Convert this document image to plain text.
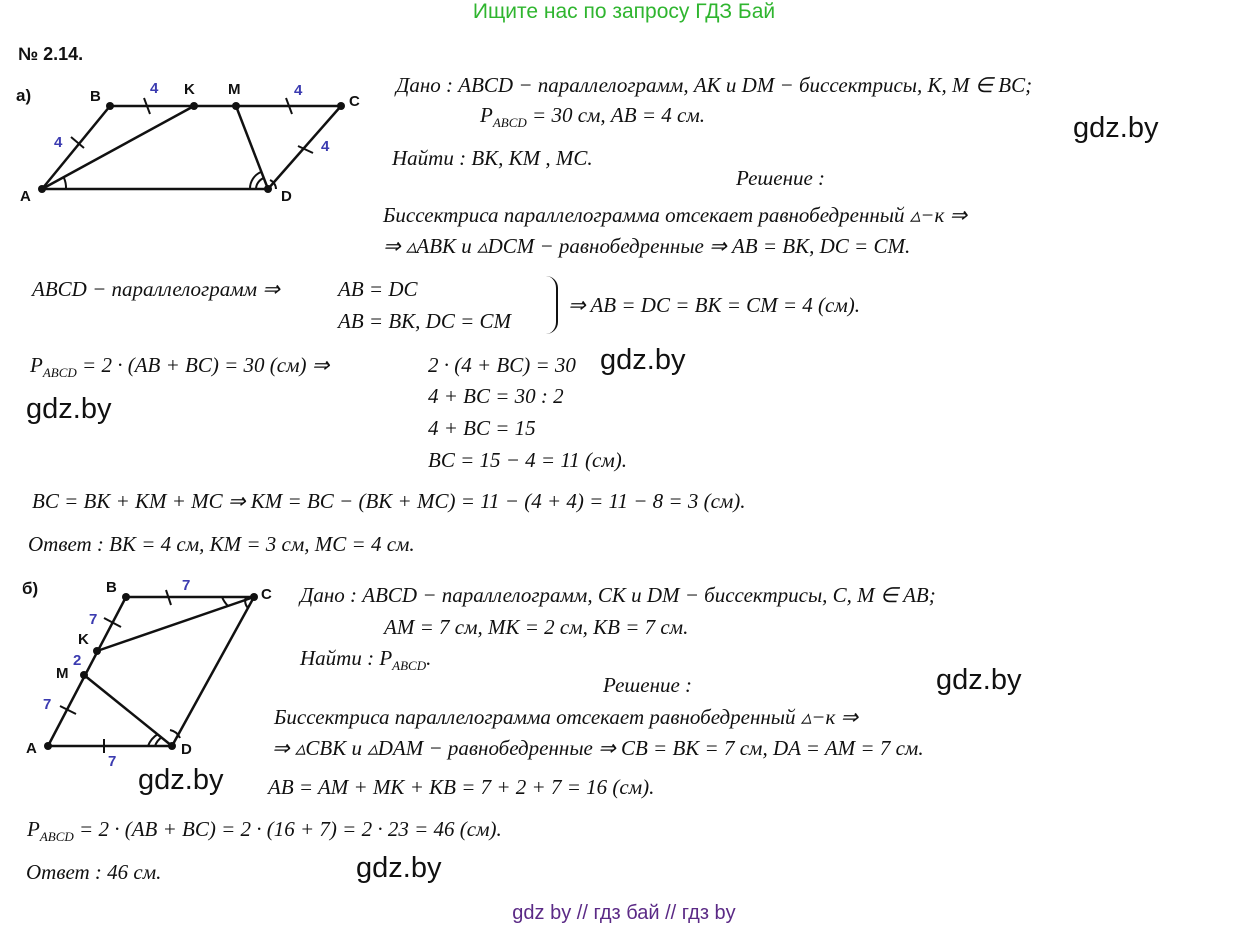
Ищите нас по запросу ГДЗ Бай
№ 2.14.
а)
A
B	K M
C
D
4
4	4
4
Дано : ABCD − параллелограмм, AK и DM − биссектрисы, K, M ∈ BC;
$P_{ABCD} = 30$ см, AB = 4 см.
Найти : BK, KM , MC.
Решение :
Биссектриса параллелограмма отсекает равнобедренный ▵−к ⇒
⇒ ▵ABK и ▵DCM − равнобедренные ⇒ AB = BK, DC = CM.
ABCD − параллелограмм ⇒	AB = DC
AB = BK, DC = CM
⇒ AB = DC = BK = CM = 4 (см).
$P_{ABCD} = 2 \cdot (AB + BC) = 30$ (см) ⇒	2 · (4 + BC) = 30
4 + BC = 30 : 2
4 + BC = 15
BC = 15 − 4 = 11 (см).
BC = BK + KM + MC ⇒ KM = BC − (BK + MC) = 11 − (4 + 4) = 11 − 8 = 3 (см).
Ответ : BK = 4 см, KM = 3 см, MC = 4 см.
б)
A
B	C
D
K
M
7
7
2
7
7
Дано : ABCD − параллелограмм, CK и DM − биссектрисы, C, M ∈ AB;
AM = 7 см, MK = 2 см, KB = 7 см.
Найти : $P_{ABCD}$.
Решение :
Биссектриса параллелограмма отсекает равнобедренный ▵−к ⇒
⇒ ▵CBK и ▵DAM − равнобедренные ⇒ CB = BK = 7 см, DA = AM = 7 см.
AB = AM + MK + KB = 7 + 2 + 7 = 16 (см).
$P_{ABCD} = 2 \cdot (AB + BC) = 2 \cdot (16 + 7) = 2 \cdot 23 = 46$ (см).
Ответ : 46 см.
gdz.by
gdz.by
gdz.by
gdz.by
gdz.by
gdz.by
gdz by // гдз бай // гдз by
